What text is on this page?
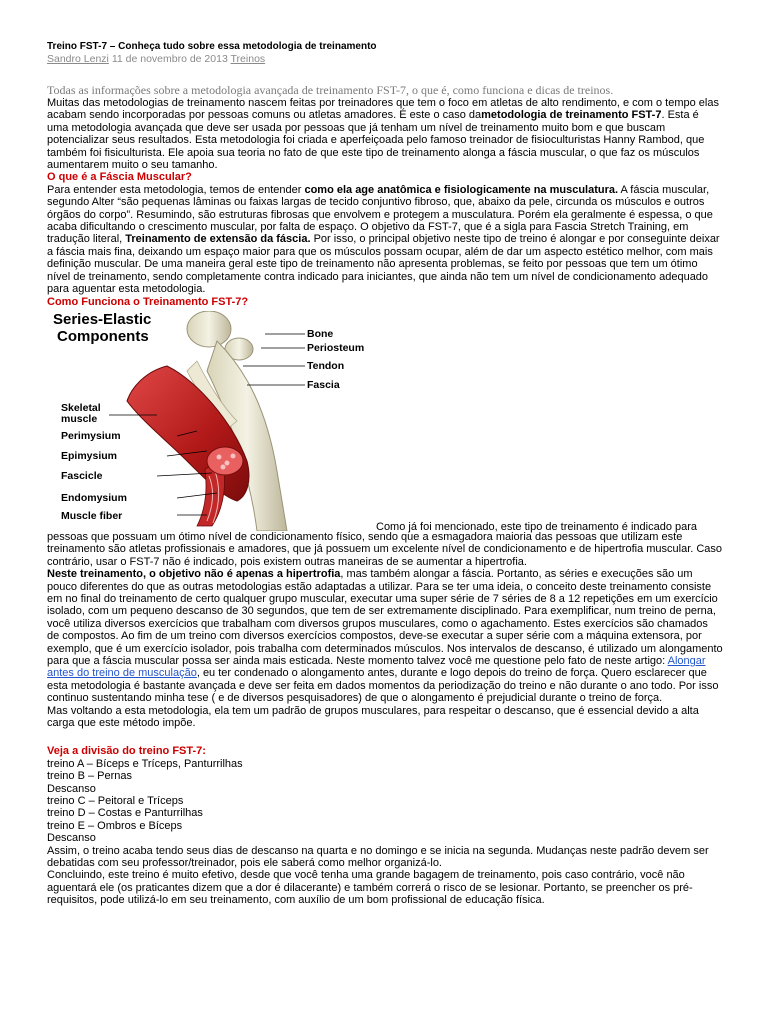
Treino FST-7 – Conheça tudo sobre essa metodologia de treinamento

Sandro Lenzi 11 de novembro de 2013 Treinos

Todas as informações sobre a metodologia avançada de treinamento FST-7, o que é, como funciona e dicas de treinos.

Muitas das metodologias de treinamento nascem feitas por treinadores que tem o foco em atletas de alto rendimento, e com o tempo elas acabam sendo incorporadas por pessoas comuns ou atletas amadores. É este o caso dametodologia de treinamento FST-7. Esta é uma metodologia avançada que deve ser usada por pessoas que já tenham um nível de treinamento muito bom e que buscam potencializar seus resultados. Esta metodologia foi criada e aperfeiçoada pelo famoso treinador de fisioculturistas Hanny Rambod, que também foi fisiculturista. Ele apoia sua teoria no fato de que este tipo de treinamento alonga a fáscia muscular, o que faz os músculos aumentarem muito o seu tamanho.

O que é a Fáscia Muscular?

Para entender esta metodologia, temos de entender como ela age anatômica e fisiologicamente na musculatura. A fáscia muscular, segundo Alter “são pequenas lâminas ou faixas largas de tecido conjuntivo fibroso, que, abaixo da pele, circunda os músculos e outros órgãos do corpo”. Resumindo, são estruturas fibrosas que envolvem e protegem a musculatura. Porém ela geralmente é espessa, o que acaba dificultando o crescimento muscular, por falta de espaço. O objetivo da FST-7, que é a sigla para Fascia Stretch Training, em tradução literal, Treinamento de extensão da fáscia. Por isso, o principal objetivo neste tipo de treino é alongar e por conseguinte deixar a fáscia mais fina, deixando um espaço maior para que os músculos possam ocupar, além de dar um aspecto estético melhor, com mais definição muscular. De uma maneira geral este tipo de treinamento não apresenta problemas, se feito por pessoas que tem um ótimo nível de treinamento, sendo completamente contra indicado para iniciantes, que ainda não tem um nível de condicionamento adequado para aguentar esta metodologia.

Como Funciona o Treinamento FST-7?

Series-Elastic
Components	Bone
Periosteum
Tendon
Fascia
Skeletal
muscle
Perimysium
Epimysium
Fascicle
Endomysium
Muscle fiber

Como já foi mencionado, este tipo de treinamento é indicado para

pessoas que possuam um ótimo nível de condicionamento físico, sendo que a esmagadora maioria das pessoas que utilizam este treinamento são atletas profissionais e amadores, que já possuem um excelente nível de condicionamento e de hipertrofia muscular. Caso contrário, usar o FST-7 não é indicado, pois existem outras maneiras de se aumentar a hipertrofia.

Neste treinamento, o objetivo não é apenas a hipertrofia, mas também alongar a fáscia. Portanto, as séries e execuções são um pouco diferentes do que as outras metodologias estão adaptadas a utilizar. Para se ter uma ideia, o conceito deste treinamento consiste em no final do treinamento de certo qualquer grupo muscular, executar uma super série de 7 séries de 8 a 12 repetições em um exercício isolado, com um pequeno descanso de 30 segundos, que tem de ser extremamente disciplinado. Para exemplificar, num treino de perna, você utiliza diversos exercícios que trabalham com diversos grupos musculares, como o agachamento. Estes exercícios são chamados de compostos. Ao fim de um treino com diversos exercícios compostos, deve-se executar a super série com a máquina extensora, por exemplo, que é um exercício isolador, pois trabalha com determinados músculos. Nos intervalos de descanso, é utilizado um alongamento para que a fáscia muscular possa ser ainda mais esticada. Neste momento talvez você me questione pelo fato de neste artigo: Alongar antes do treino de musculação, eu ter condenado o alongamento antes, durante e logo depois do treino de força. Quero esclarecer que esta metodologia é bastante avançada e deve ser feita em dados momentos da periodização do treino e não durante o ano todo. Por isso continuo sustentando minha tese ( e de diversos pesquisadores) de que o alongamento é prejudicial durante o treino de força.

Mas voltando a esta metodologia, ela tem um padrão de grupos musculares, para respeitar o descanso, que é essencial devido a alta carga que este método impõe.

Veja a divisão do treino FST-7:

treino A – Bíceps e Tríceps, Panturrilhas

treino B – Pernas

Descanso

treino C – Peitoral e Tríceps

treino D – Costas e Panturrilhas

treino E – Ombros e Bíceps

Descanso

Assim, o treino acaba tendo seus dias de descanso na quarta e no domingo e se inicia na segunda. Mudanças neste padrão devem ser debatidas com seu professor/treinador, pois ele saberá como melhor organizá-lo.

Concluindo, este treino é muito efetivo, desde que você tenha uma grande bagagem de treinamento, pois caso contrário, você não aguentará ele (os praticantes dizem que a dor é dilacerante) e também correrá o risco de se lesionar. Portanto, se preencher os pré-requisitos, pode utilizá-lo em seu treinamento, com auxílio de um bom profissional de educação física.
